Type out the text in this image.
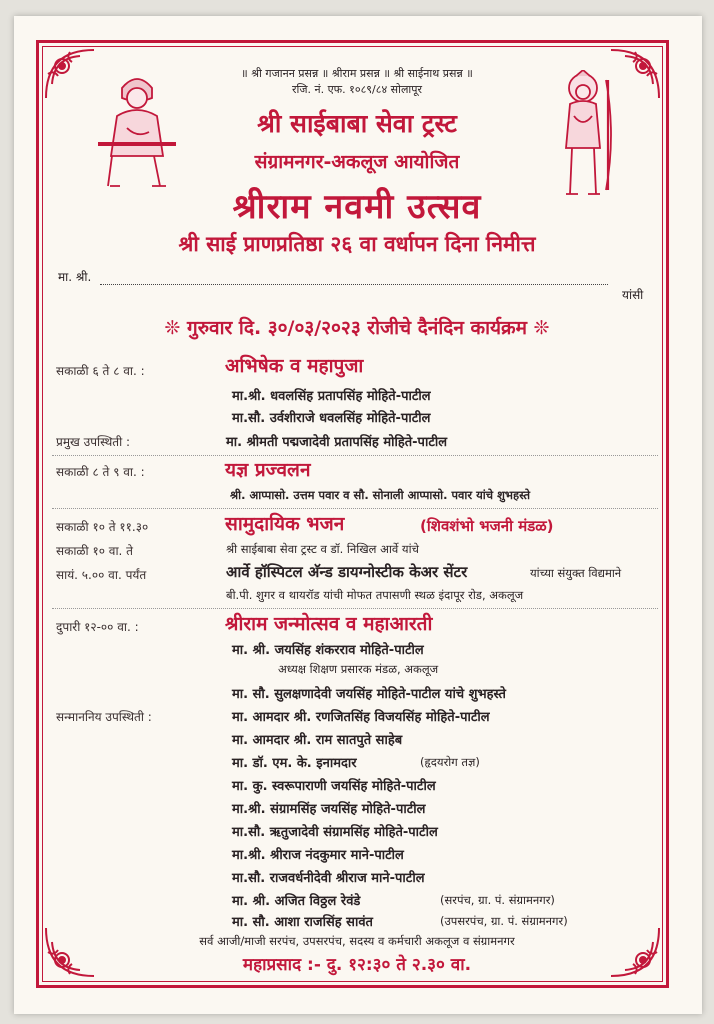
॥ श्री गजानन प्रसन्न ॥ श्रीराम प्रसन्न ॥ श्री साईनाथ प्रसन्न ॥
रजि. नं. एफ. १०८९/८४ सोलापूर
श्री साईबाबा सेवा ट्रस्ट
संग्रामनगर-अकलूज आयोजित
श्रीराम नवमी उत्सव
श्री साई प्राणप्रतिष्ठा २६ वा वर्धापन दिना निमीत्त
मा. श्री.
यांसी
❊ गुरुवार दि. ३०/०३/२०२३ रोजीचे दैनंदिन कार्यक्रम ❊
सकाळी ६ ते ८ वा. :	अभिषेक व महापुजा
मा.श्री. धवलसिंह प्रतापसिंह मोहिते-पाटील
मा.सौ. उर्वशीराजे धवलसिंह मोहिते-पाटील
प्रमुख उपस्थिती :	मा. श्रीमती पद्मजादेवी प्रतापसिंह मोहिते-पाटील
सकाळी ८ ते ९ वा. :	यज्ञ प्रज्वलन
श्री. आप्पासो. उत्तम पवार व सौ. सोनाली आप्पासो. पवार यांचे शुभहस्ते
सकाळी १० ते ११.३०	सामुदायिक भजन	(शिवशंभो भजनी मंडळ)
सकाळी १० वा. ते	श्री साईबाबा सेवा ट्रस्ट व डॉ. निखिल आर्वे यांचे
सायं. ५.०० वा. पर्यंत	आर्वे हॉस्पिटल अ‍ॅन्ड डायग्नोस्टीक केअर सेंटर	यांच्या संयुक्त विद्यमाने
बी.पी. शुगर व थायरॉड यांची मोफत तपासणी स्थळ इंदापूर रोड, अकलूज
दुपारी १२-०० वा. :	श्रीराम जन्मोत्सव व महाआरती
मा. श्री. जयसिंह शंकरराव मोहिते-पाटील
अध्यक्ष शिक्षण प्रसारक मंडळ, अकलूज
मा. सौ. सुलक्षणादेवी जयसिंह मोहिते-पाटील यांचे शुभहस्ते
सन्माननिय उपस्थिती :	मा. आमदार श्री. रणजितसिंह विजयसिंह मोहिते-पाटील
मा. आमदार श्री. राम सातपुते साहेब
मा. डॉ. एम. के. इनामदार	(हृदयरोग तज्ञ)
मा. कु. स्वरूपाराणी जयसिंह मोहिते-पाटील
मा.श्री. संग्रामसिंह जयसिंह मोहिते-पाटील
मा.सौ. ऋतुजादेवी संग्रामसिंह मोहिते-पाटील
मा.श्री. श्रीराज नंदकुमार माने-पाटील
मा.सौ. राजवर्धनीदेवी श्रीराज माने-पाटील
मा. श्री. अजित विठ्ठल रेवंडे	(सरपंच, ग्रा. पं. संग्रामनगर)
मा. सौ. आशा राजसिंह सावंत	(उपसरपंच, ग्रा. पं. संग्रामनगर)
सर्व आजी/माजी सरपंच, उपसरपंच, सदस्य व कर्मचारी अकलूज व संग्रामनगर
महाप्रसाद :- दु. १२:३० ते २.३० वा.
